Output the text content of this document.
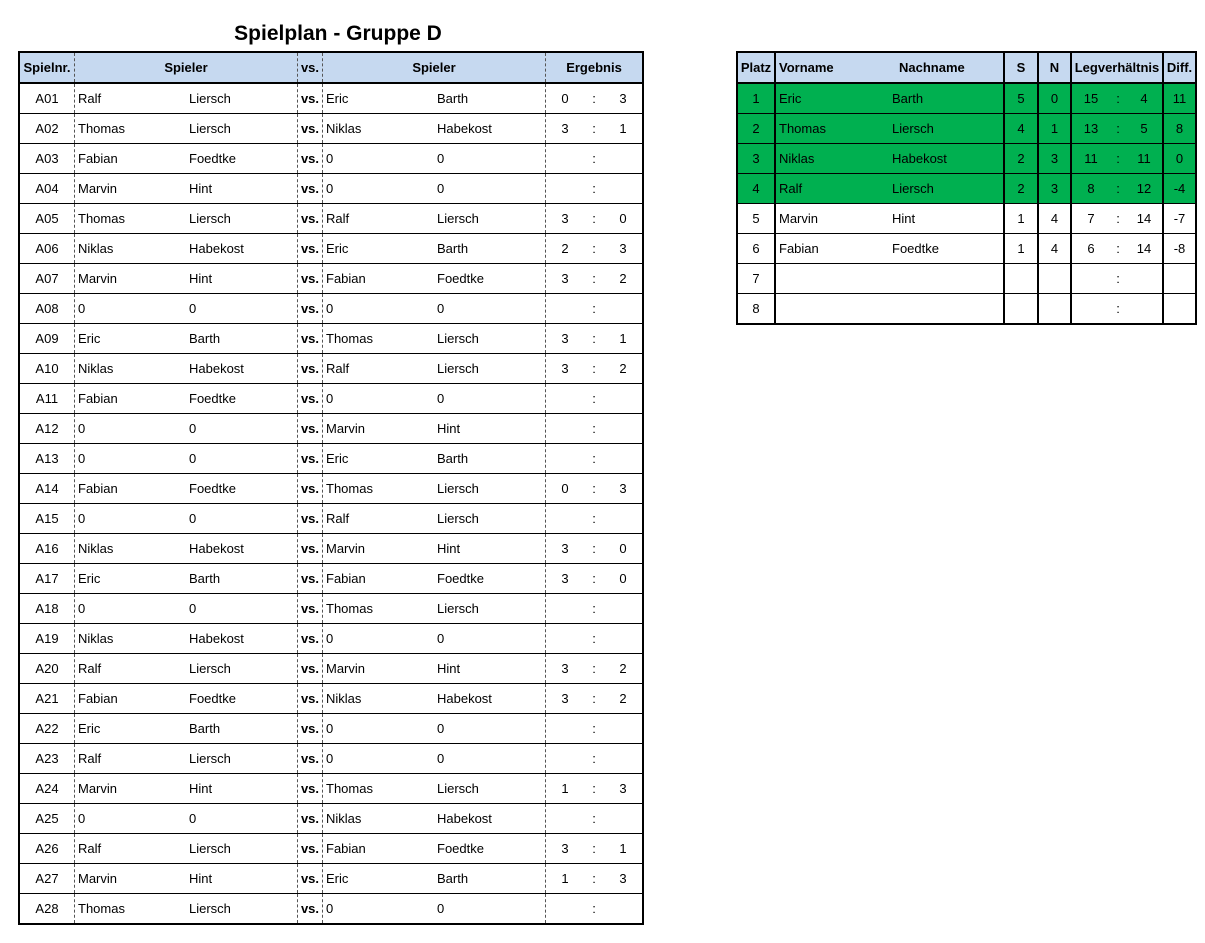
Spielplan - Gruppe D
Spielnr.	Spieler		vs.	Spieler		Ergebnis		
A01	Ralf	Liersch	vs.	Eric	Barth	0	:	3
A02	Thomas	Liersch	vs.	Niklas	Habekost	3	:	1
A03	Fabian	Foedtke	vs.	0	0		:	
A04	Marvin	Hint	vs.	0	0		:	
A05	Thomas	Liersch	vs.	Ralf	Liersch	3	:	0
A06	Niklas	Habekost	vs.	Eric	Barth	2	:	3
A07	Marvin	Hint	vs.	Fabian	Foedtke	3	:	2
A08	0	0	vs.	0	0		:	
A09	Eric	Barth	vs.	Thomas	Liersch	3	:	1
A10	Niklas	Habekost	vs.	Ralf	Liersch	3	:	2
A11	Fabian	Foedtke	vs.	0	0		:	
A12	0	0	vs.	Marvin	Hint		:	
A13	0	0	vs.	Eric	Barth		:	
A14	Fabian	Foedtke	vs.	Thomas	Liersch	0	:	3
A15	0	0	vs.	Ralf	Liersch		:	
A16	Niklas	Habekost	vs.	Marvin	Hint	3	:	0
A17	Eric	Barth	vs.	Fabian	Foedtke	3	:	0
A18	0	0	vs.	Thomas	Liersch		:	
A19	Niklas	Habekost	vs.	0	0		:	
A20	Ralf	Liersch	vs.	Marvin	Hint	3	:	2
A21	Fabian	Foedtke	vs.	Niklas	Habekost	3	:	2
A22	Eric	Barth	vs.	0	0		:	
A23	Ralf	Liersch	vs.	0	0		:	
A24	Marvin	Hint	vs.	Thomas	Liersch	1	:	3
A25	0	0	vs.	Niklas	Habekost		:	
A26	Ralf	Liersch	vs.	Fabian	Foedtke	3	:	1
A27	Marvin	Hint	vs.	Eric	Barth	1	:	3
A28	Thomas	Liersch	vs.	0	0		:	
Platz	Vorname	Nachname	S	N	Legverhältnis			Diff.
1	Eric	Barth	5	0	15	:	4	11
2	Thomas	Liersch	4	1	13	:	5	8
3	Niklas	Habekost	2	3	11	:	11	0
4	Ralf	Liersch	2	3	8	:	12	-4
5	Marvin	Hint	1	4	7	:	14	-7
6	Fabian	Foedtke	1	4	6	:	14	-8
7						:		
8						:		
